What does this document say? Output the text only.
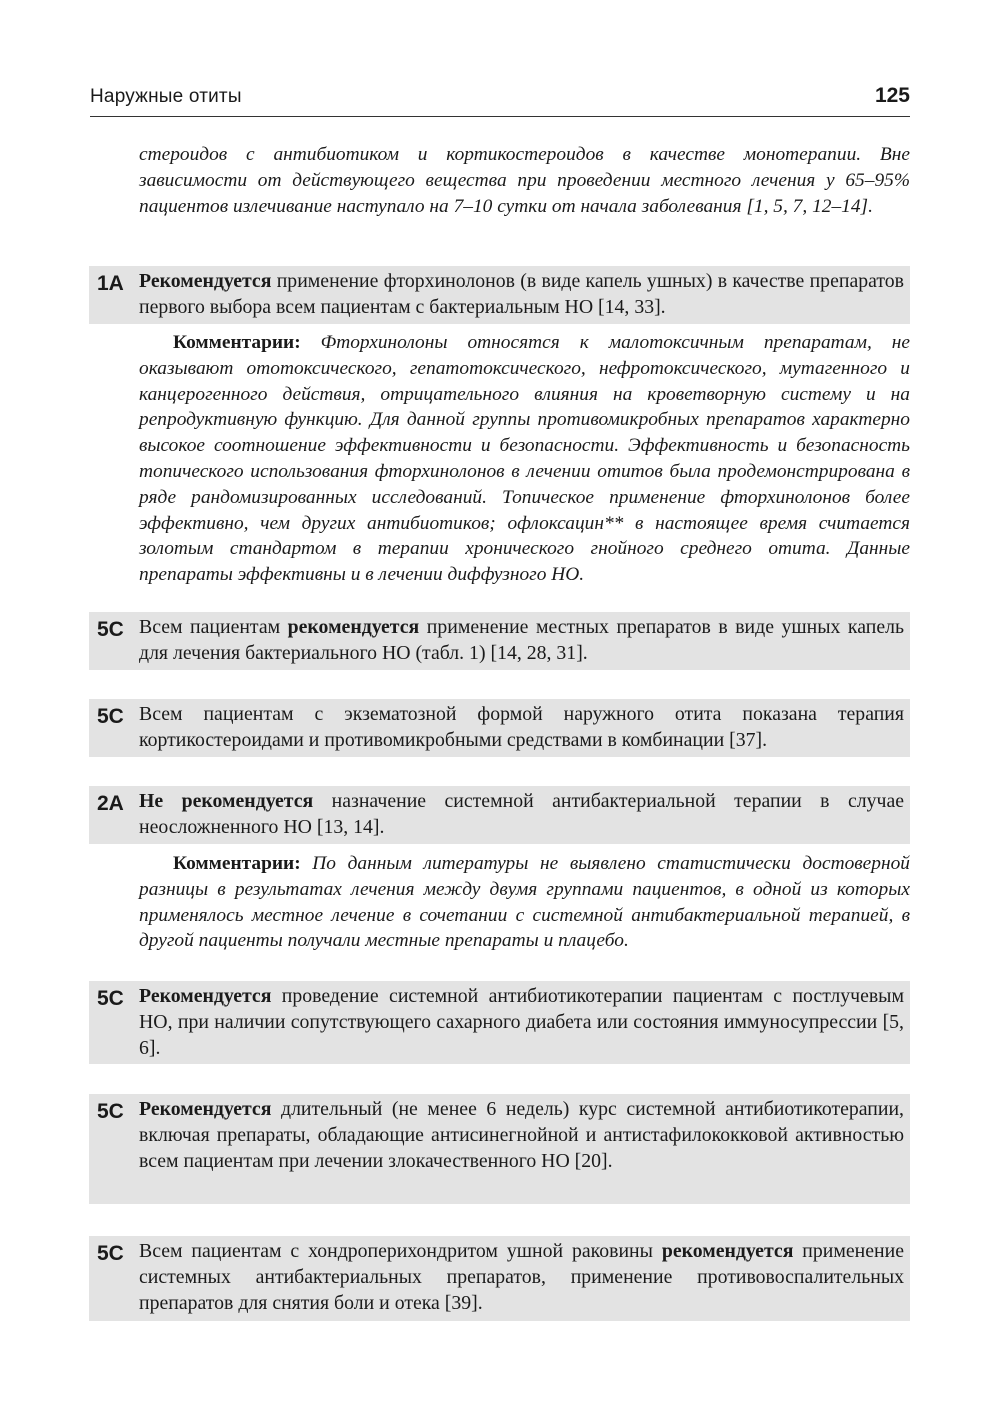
Наружные отиты	125

стероидов с антибиотиком и кортикостероидов в качестве монотерапии. Вне зависимости от действующего вещества при проведении местного лечения у 65–95% пациентов излечивание наступало на 7–10 сутки от начала заболевания [1, 5, 7, 12–14].

1A Рекомендуется применение фторхинолонов (в виде капель ушных) в качестве препаратов первого выбора всем пациентам с бактериальным НО [14, 33].

Комментарии: Фторхинолоны относятся к малотоксичным препаратам, не оказывают ототоксического, гепатотоксического, нефротоксического, мутагенного и канцерогенного действия, отрицательного влияния на кроветворную систему и на репродуктивную функцию. Для данной группы противомикробных препаратов характерно высокое соотношение эффективности и безопасности. Эффективность и безопасность топического использования фторхинолонов в лечении отитов была продемонстрирована в ряде рандомизированных исследований. Топическое применение фторхинолонов более эффективно, чем других антибиотиков; офлоксацин** в настоящее время считается золотым стандартом в терапии хронического гнойного среднего отита. Данные препараты эффективны и в лечении диффузного НО.

5C Всем пациентам рекомендуется применение местных препаратов в виде ушных капель для лечения бактериального НО (табл. 1) [14, 28, 31].
5C Всем пациентам с экзематозной формой наружного отита показана терапия кортикостероидами и противомикробными средствами в комбинации [37].
2A Не рекомендуется назначение системной антибактериальной терапии в случае неосложненного НО [13, 14].

Комментарии: По данным литературы не выявлено статистически достоверной разницы в результатах лечения между двумя группами пациентов, в одной из которых применялось местное лечение в сочетании с системной антибактериальной терапией, в другой пациенты получали местные препараты и плацебо.

5C Рекомендуется проведение системной антибиотикотерапии пациентам с постлучевым НО, при наличии сопутствующего сахарного диабета или состояния иммуносупрессии [5, 6].
5C Рекомендуется длительный (не менее 6 недель) курс системной антибиотикотерапии, включая препараты, обладающие антисинегнойной и антистафилококковой активностью всем пациентам при лечении злокачественного НО [20].
5C Всем пациентам с хондроперихондритом ушной раковины рекомендуется применение системных антибактериальных препаратов, применение противовоспалительных препаратов для снятия боли и отека [39].
